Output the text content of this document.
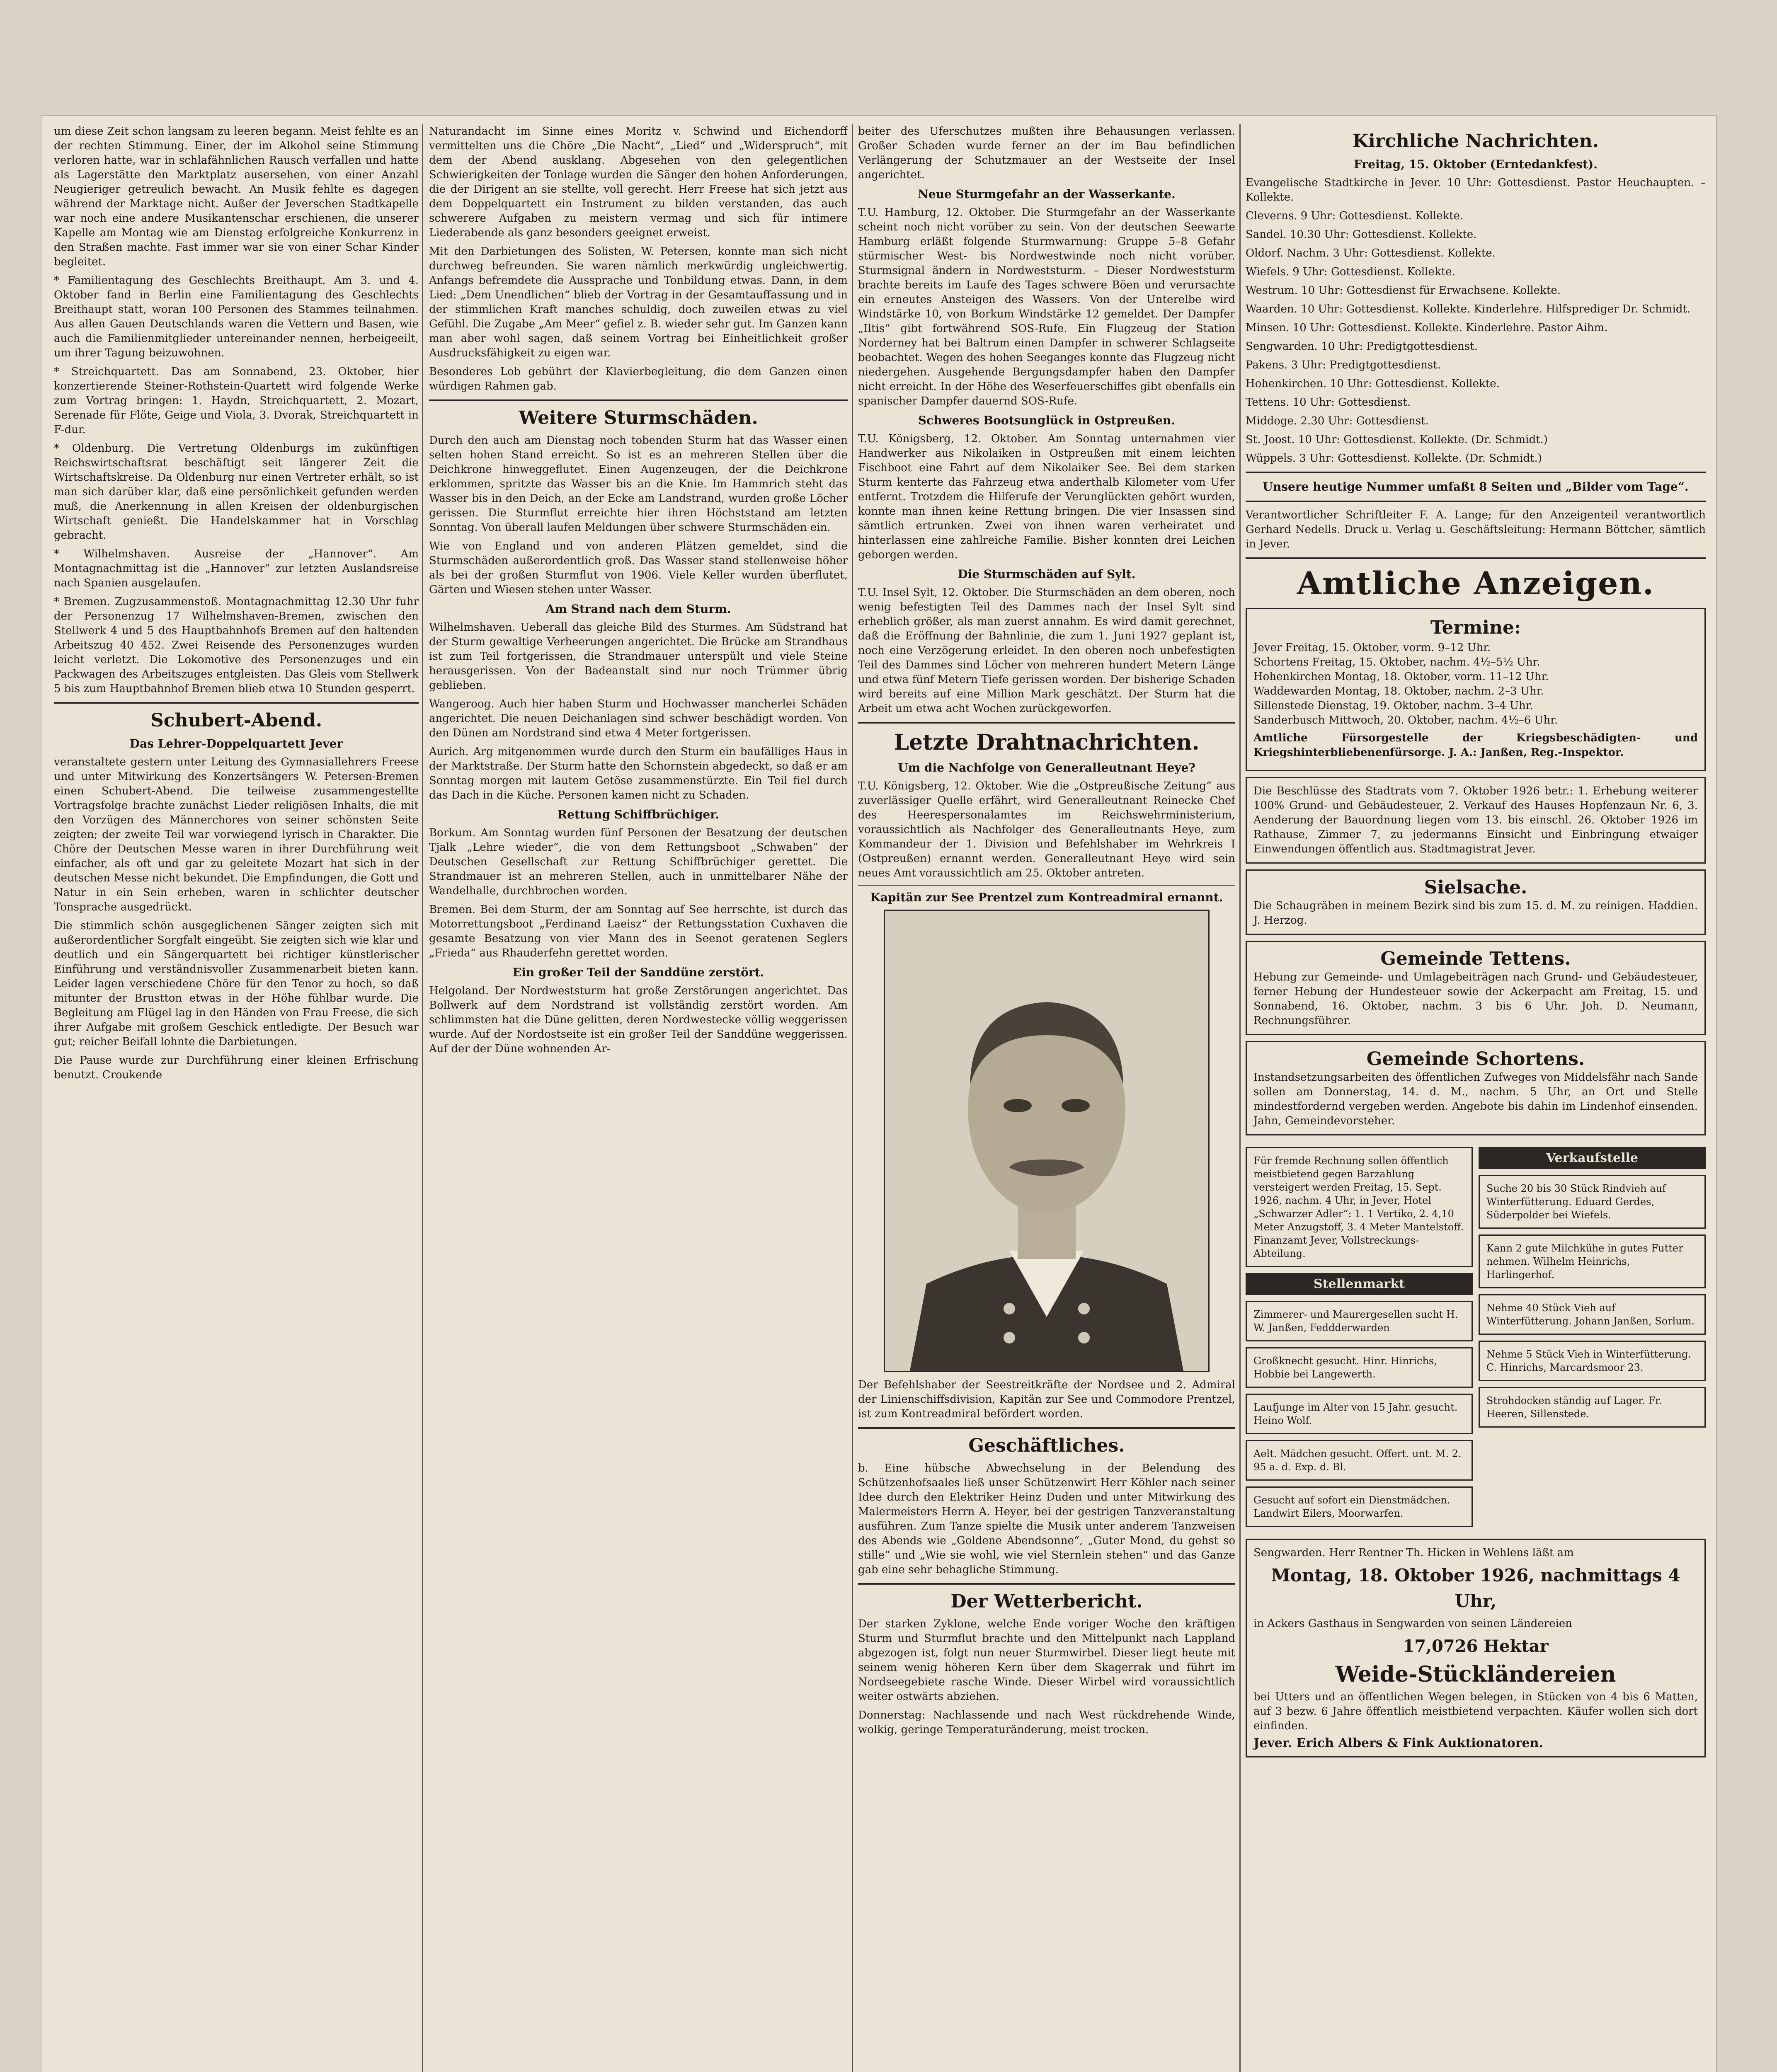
um diese Zeit schon langsam zu leeren begann. Meist fehlte es an der rechten Stimmung. Einer, der im Alkohol seine Stimmung verloren hatte, war in schlafähnlichen Rausch verfallen und hatte als Lagerstätte den Marktplatz ausersehen, von einer Anzahl Neugieriger getreulich bewacht. An Musik fehlte es dagegen während der Marktage nicht. Außer der Jeverschen Stadtkapelle war noch eine andere Musikantenschar erschienen, die unserer Kapelle am Montag wie am Dienstag erfolgreiche Konkurrenz in den Straßen machte. Fast immer war sie von einer Schar Kinder begleitet.

* Familientagung des Geschlechts Breithaupt. Am 3. und 4. Oktober fand in Berlin eine Familientagung des Geschlechts Breithaupt statt, woran 100 Personen des Stammes teilnahmen. Aus allen Gauen Deutschlands waren die Vettern und Basen, wie auch die Familienmitglieder untereinander nennen, herbeigeeilt, um ihrer Tagung beizuwohnen.

* Streichquartett. Das am Sonnabend, 23. Oktober, hier konzertierende Steiner-Rothstein-Quartett wird folgende Werke zum Vortrag bringen: 1. Haydn, Streichquartett, 2. Mozart, Serenade für Flöte, Geige und Viola, 3. Dvorak, Streichquartett in F-dur.

* Oldenburg. Die Vertretung Oldenburgs im zukünftigen Reichswirtschaftsrat beschäftigt seit längerer Zeit die Wirtschaftskreise. Da Oldenburg nur einen Vertreter erhält, so ist man sich darüber klar, daß eine persönlichkeit gefunden werden muß, die Anerkennung in allen Kreisen der oldenburgischen Wirtschaft genießt. Die Handelskammer hat in Vorschlag gebracht.

* Wilhelmshaven. Ausreise der „Hannover“. Am Montagnachmittag ist die „Hannover“ zur letzten Auslandsreise nach Spanien ausgelaufen.

* Bremen. Zugzusammenstoß. Montagnachmittag 12.30 Uhr fuhr der Personenzug 17 Wilhelmshaven-Bremen, zwischen den Stellwerk 4 und 5 des Hauptbahnhofs Bremen auf den haltenden Arbeitszug 40 452. Zwei Reisende des Personenzuges wurden leicht verletzt. Die Lokomotive des Personenzuges und ein Packwagen des Arbeitszuges entgleisten. Das Gleis vom Stellwerk 5 bis zum Hauptbahnhof Bremen blieb etwa 10 Stunden gesperrt.

Schubert-Abend.
Das Lehrer-Doppelquartett Jever

veranstaltete gestern unter Leitung des Gymnasiallehrers Freese und unter Mitwirkung des Konzertsängers W. Petersen-Bremen einen Schubert-Abend. Die teilweise zusammengestellte Vortragsfolge brachte zunächst Lieder religiösen Inhalts, die mit den Vorzügen des Männerchores von seiner schönsten Seite zeigten; der zweite Teil war vorwiegend lyrisch in Charakter. Die Chöre der Deutschen Messe waren in ihrer Durchführung weit einfacher, als oft und gar zu geleitete Mozart hat sich in der deutschen Messe nicht bekundet. Die Empfindungen, die Gott und Natur in ein Sein erheben, waren in schlichter deutscher Tonsprache ausgedrückt.

Die stimmlich schön ausgeglichenen Sänger zeigten sich mit außerordentlicher Sorgfalt eingeübt. Sie zeigten sich wie klar und deutlich und ein Sängerquartett bei richtiger künstlerischer Einführung und verständnisvoller Zusammenarbeit bieten kann. Leider lagen verschiedene Chöre für den Tenor zu hoch, so daß mitunter der Brustton etwas in der Höhe fühlbar wurde. Die Begleitung am Flügel lag in den Händen von Frau Freese, die sich ihrer Aufgabe mit großem Geschick entledigte. Der Besuch war gut; reicher Beifall lohnte die Darbietungen.

Die Pause wurde zur Durchführung einer kleinen Erfrischung benutzt. Croukende

Naturandacht im Sinne eines Moritz v. Schwind und Eichendorff vermittelten uns die Chöre „Die Nacht“, „Lied“ und „Widerspruch“, mit dem der Abend ausklang. Abgesehen von den gelegentlichen Schwierigkeiten der Tonlage wurden die Sänger den hohen Anforderungen, die der Dirigent an sie stellte, voll gerecht. Herr Freese hat sich jetzt aus dem Doppelquartett ein Instrument zu bilden verstanden, das auch schwerere Aufgaben zu meistern vermag und sich für intimere Liederabende als ganz besonders geeignet erweist.

Mit den Darbietungen des Solisten, W. Petersen, konnte man sich nicht durchweg befreunden. Sie waren nämlich merkwürdig ungleichwertig. Anfangs befremdete die Aussprache und Tonbildung etwas. Dann, in dem Lied: „Dem Unendlichen“ blieb der Vortrag in der Gesamtauffassung und in der stimmlichen Kraft manches schuldig, doch zuweilen etwas zu viel Gefühl. Die Zugabe „Am Meer“ gefiel z. B. wieder sehr gut. Im Ganzen kann man aber wohl sagen, daß seinem Vortrag bei Einheitlichkeit großer Ausdrucksfähigkeit zu eigen war.

Besonderes Lob gebührt der Klavierbegleitung, die dem Ganzen einen würdigen Rahmen gab.

Weitere Sturmschäden.

Durch den auch am Dienstag noch tobenden Sturm hat das Wasser einen selten hohen Stand erreicht. So ist es an mehreren Stellen über die Deichkrone hinweggeflutet. Einen Augenzeugen, der die Deichkrone erklommen, spritzte das Wasser bis an die Knie. Im Hammrich steht das Wasser bis in den Deich, an der Ecke am Landstrand, wurden große Löcher gerissen. Die Sturmflut erreichte hier ihren Höchststand am letzten Sonntag. Von überall laufen Meldungen über schwere Sturmschäden ein.

Wie von England und von anderen Plätzen gemeldet, sind die Sturmschäden außerordentlich groß. Das Wasser stand stellenweise höher als bei der großen Sturmflut von 1906. Viele Keller wurden überflutet, Gärten und Wiesen stehen unter Wasser.

Am Strand nach dem Sturm.

Wilhelmshaven. Ueberall das gleiche Bild des Sturmes. Am Südstrand hat der Sturm gewaltige Verheerungen angerichtet. Die Brücke am Strandhaus ist zum Teil fortgerissen, die Strandmauer unterspült und viele Steine herausgerissen. Von der Badeanstalt sind nur noch Trümmer übrig geblieben.

Wangeroog. Auch hier haben Sturm und Hochwasser mancherlei Schäden angerichtet. Die neuen Deichanlagen sind schwer beschädigt worden. Von den Dünen am Nordstrand sind etwa 4 Meter fortgerissen.

Aurich. Arg mitgenommen wurde durch den Sturm ein baufälliges Haus in der Marktstraße. Der Sturm hatte den Schornstein abgedeckt, so daß er am Sonntag morgen mit lautem Getöse zusammenstürzte. Ein Teil fiel durch das Dach in die Küche. Personen kamen nicht zu Schaden.

Rettung Schiffbrüchiger.

Borkum. Am Sonntag wurden fünf Personen der Besatzung der deutschen Tjalk „Lehre wieder“, die von dem Rettungsboot „Schwaben“ der Deutschen Gesellschaft zur Rettung Schiffbrüchiger gerettet. Die Strandmauer ist an mehreren Stellen, auch in unmittelbarer Nähe der Wandelhalle, durchbrochen worden.

Bremen. Bei dem Sturm, der am Sonntag auf See herrschte, ist durch das Motorrettungsboot „Ferdinand Laeisz“ der Rettungsstation Cuxhaven die gesamte Besatzung von vier Mann des in Seenot geratenen Seglers „Frieda“ aus Rhauderfehn gerettet worden.

Ein großer Teil der Sanddüne zerstört.

Helgoland. Der Nordweststurm hat große Zerstörungen angerichtet. Das Bollwerk auf dem Nordstrand ist vollständig zerstört worden. Am schlimmsten hat die Düne gelitten, deren Nordwestecke völlig weggerissen wurde. Auf der Nordostseite ist ein großer Teil der Sanddüne weggerissen. Auf der der Düne wohnenden Ar-

beiter des Uferschutzes mußten ihre Behausungen verlassen. Großer Schaden wurde ferner an der im Bau befindlichen Verlängerung der Schutzmauer an der Westseite der Insel angerichtet.

Neue Sturmgefahr an der Wasserkante.

T.U. Hamburg, 12. Oktober. Die Sturmgefahr an der Wasserkante scheint noch nicht vorüber zu sein. Von der deutschen Seewarte Hamburg erläßt folgende Sturmwarnung: Gruppe 5–8 Gefahr stürmischer West- bis Nordwestwinde noch nicht vorüber. Sturmsignal ändern in Nordweststurm. – Dieser Nordweststurm brachte bereits im Laufe des Tages schwere Böen und verursachte ein erneutes Ansteigen des Wassers. Von der Unterelbe wird Windstärke 10, von Borkum Windstärke 12 gemeldet. Der Dampfer „Iltis“ gibt fortwährend SOS-Rufe. Ein Flugzeug der Station Norderney hat bei Baltrum einen Dampfer in schwerer Schlagseite beobachtet. Wegen des hohen Seeganges konnte das Flugzeug nicht niedergehen. Ausgehende Bergungsdampfer haben den Dampfer nicht erreicht. In der Höhe des Weserfeuerschiffes gibt ebenfalls ein spanischer Dampfer dauernd SOS-Rufe.

Schweres Bootsunglück in Ostpreußen.

T.U. Königsberg, 12. Oktober. Am Sonntag unternahmen vier Handwerker aus Nikolaiken in Ostpreußen mit einem leichten Fischboot eine Fahrt auf dem Nikolaiker See. Bei dem starken Sturm kenterte das Fahrzeug etwa anderthalb Kilometer vom Ufer entfernt. Trotzdem die Hilferufe der Verunglückten gehört wurden, konnte man ihnen keine Rettung bringen. Die vier Insassen sind sämtlich ertrunken. Zwei von ihnen waren verheiratet und hinterlassen eine zahlreiche Familie. Bisher konnten drei Leichen geborgen werden.

Die Sturmschäden auf Sylt.

T.U. Insel Sylt, 12. Oktober. Die Sturmschäden an dem oberen, noch wenig befestigten Teil des Dammes nach der Insel Sylt sind erheblich größer, als man zuerst annahm. Es wird damit gerechnet, daß die Eröffnung der Bahnlinie, die zum 1. Juni 1927 geplant ist, noch eine Verzögerung erleidet. In den oberen noch unbefestigten Teil des Dammes sind Löcher von mehreren hundert Metern Länge und etwa fünf Metern Tiefe gerissen worden. Der bisherige Schaden wird bereits auf eine Million Mark geschätzt. Der Sturm hat die Arbeit um etwa acht Wochen zurückgeworfen.

Letzte Drahtnachrichten.
Um die Nachfolge von Generalleutnant Heye?

T.U. Königsberg, 12. Oktober. Wie die „Ostpreußische Zeitung“ aus zuverlässiger Quelle erfährt, wird Generalleutnant Reinecke Chef des Heerespersonalamtes im Reichswehrministerium, voraussichtlich als Nachfolger des Generalleutnants Heye, zum Kommandeur der 1. Division und Befehlshaber im Wehrkreis I (Ostpreußen) ernannt werden. Generalleutnant Heye wird sein neues Amt voraussichtlich am 25. Oktober antreten.

Kapitän zur See Prentzel zum Kontreadmiral ernannt.

Der Befehlshaber der Seestreitkräfte der Nordsee und 2. Admiral der Linienschiffsdivision, Kapitän zur See und Commodore Prentzel, ist zum Kontreadmiral befördert worden.

Geschäftliches.

b. Eine hübsche Abwechselung in der Belendung des Schützenhofsaales ließ unser Schützenwirt Herr Köhler nach seiner Idee durch den Elektriker Heinz Duden und unter Mitwirkung des Malermeisters Herrn A. Heyer, bei der gestrigen Tanzveranstaltung ausführen. Zum Tanze spielte die Musik unter anderem Tanzweisen des Abends wie „Goldene Abendsonne“, „Guter Mond, du gehst so stille“ und „Wie sie wohl, wie viel Sternlein stehen“ und das Ganze gab eine sehr behagliche Stimmung.

Der Wetterbericht.

Der starken Zyklone, welche Ende voriger Woche den kräftigen Sturm und Sturmflut brachte und den Mittelpunkt nach Lappland abgezogen ist, folgt nun neuer Sturmwirbel. Dieser liegt heute mit seinem wenig höheren Kern über dem Skagerrak und führt im Nordseegebiete rasche Winde. Dieser Wirbel wird voraussichtlich weiter ostwärts abziehen.

Donnerstag: Nachlassende und nach West rückdrehende Winde, wolkig, geringe Temperaturänderung, meist trocken.

Kirchliche Nachrichten.
Freitag, 15. Oktober (Erntedankfest).

Evangelische Stadtkirche in Jever. 10 Uhr: Gottesdienst. Pastor Heuchaupten. – Kollekte.

Cleverns. 9 Uhr: Gottesdienst. Kollekte.

Sandel. 10.30 Uhr: Gottesdienst. Kollekte.

Oldorf. Nachm. 3 Uhr: Gottesdienst. Kollekte.

Wiefels. 9 Uhr: Gottesdienst. Kollekte.

Westrum. 10 Uhr: Gottesdienst für Erwachsene. Kollekte.

Waarden. 10 Uhr: Gottesdienst. Kollekte. Kinderlehre. Hilfsprediger Dr. Schmidt.

Minsen. 10 Uhr: Gottesdienst. Kollekte. Kinderlehre. Pastor Aihm.

Sengwarden. 10 Uhr: Predigtgottesdienst.

Pakens. 3 Uhr: Predigtgottesdienst.

Hohenkirchen. 10 Uhr: Gottesdienst. Kollekte.

Tettens. 10 Uhr: Gottesdienst.

Middoge. 2.30 Uhr: Gottesdienst.

St. Joost. 10 Uhr: Gottesdienst. Kollekte. (Dr. Schmidt.)

Wüppels. 3 Uhr: Gottesdienst. Kollekte. (Dr. Schmidt.)

Unsere heutige Nummer umfaßt 8 Seiten und „Bilder vom Tage“.

Verantwortlicher Schriftleiter F. A. Lange; für den Anzeigenteil verantwortlich Gerhard Nedells. Druck u. Verlag u. Geschäftsleitung: Hermann Böttcher, sämtlich in Jever.

Amtliche Anzeigen.
Termine:

Jever Freitag, 15. Oktober, vorm. 9–12 Uhr.

Schortens Freitag, 15. Oktober, nachm. 4½–5½ Uhr.

Hohenkirchen Montag, 18. Oktober, vorm. 11–12 Uhr.

Waddewarden Montag, 18. Oktober, nachm. 2–3 Uhr.

Sillenstede Dienstag, 19. Oktober, nachm. 3–4 Uhr.

Sanderbusch Mittwoch, 20. Oktober, nachm. 4½–6 Uhr.

Amtliche Fürsorgestelle der Kriegsbeschädigten- und Kriegshinterbliebenenfürsorge. J. A.: Janßen, Reg.-Inspektor.

Die Beschlüsse des Stadtrats vom 7. Oktober 1926 betr.: 1. Erhebung weiterer 100% Grund- und Gebäudesteuer, 2. Verkauf des Hauses Hopfenzaun Nr. 6, 3. Aenderung der Bauordnung liegen vom 13. bis einschl. 26. Oktober 1926 im Rathause, Zimmer 7, zu jedermanns Einsicht und Einbringung etwaiger Einwendungen öffentlich aus. Stadtmagistrat Jever.

Sielsache.

Die Schaugräben in meinem Bezirk sind bis zum 15. d. M. zu reinigen. Haddien. J. Herzog.

Gemeinde Tettens.

Hebung zur Gemeinde- und Umlagebeiträgen nach Grund- und Gebäudesteuer, ferner Hebung der Hundesteuer sowie der Ackerpacht am Freitag, 15. und Sonnabend, 16. Oktober, nachm. 3 bis 6 Uhr. Joh. D. Neumann, Rechnungsführer.

Gemeinde Schortens.

Instandsetzungsarbeiten des öffentlichen Zufweges von Middelsfähr nach Sande sollen am Donnerstag, 14. d. M., nachm. 5 Uhr, an Ort und Stelle mindestfordernd vergeben werden. Angebote bis dahin im Lindenhof einsenden. Jahn, Gemeindevorsteher.

Für fremde Rechnung sollen öffentlich meistbietend gegen Barzahlung versteigert werden Freitag, 15. Sept. 1926, nachm. 4 Uhr, in Jever, Hotel „Schwarzer Adler“: 1. 1 Vertiko, 2. 4,10 Meter Anzugstoff, 3. 4 Meter Mantelstoff. Finanzamt Jever, Vollstreckungs-Abteilung.
Stellenmarkt
Zimmerer- und Maurergesellen sucht H. W. Janßen, Feddderwarden
Großknecht gesucht. Hinr. Hinrichs, Hobbie bei Langewerth.
Laufjunge im Alter von 15 Jahr. gesucht. Heino Wolf.
Aelt. Mädchen gesucht. Offert. unt. M. 2. 95 a. d. Exp. d. Bl.
Gesucht auf sofort ein Dienstmädchen. Landwirt Eilers, Moorwarfen.
Verkaufstelle
Suche 20 bis 30 Stück Rindvieh auf Winterfütterung. Eduard Gerdes, Süderpolder bei Wiefels.
Kann 2 gute Milchkühe in gutes Futter nehmen. Wilhelm Heinrichs, Harlingerhof.
Nehme 40 Stück Vieh auf Winterfütterung. Johann Janßen, Sorlum.
Nehme 5 Stück Vieh in Winterfütterung. C. Hinrichs, Marcardsmoor 23.
Strohdocken ständig auf Lager. Fr. Heeren, Sillenstede.

Sengwarden. Herr Rentner Th. Hicken in Wehlens läßt am

Montag, 18. Oktober 1926, nachmittags 4 Uhr,

in Ackers Gasthaus in Sengwarden von seinen Ländereien

17,0726 Hektar
Weide-Stückländereien

bei Utters und an öffentlichen Wegen belegen, in Stücken von 4 bis 6 Matten, auf 3 bezw. 6 Jahre öffentlich meistbietend verpachten. Käufer wollen sich dort einfinden.

Jever. Erich Albers & Fink Auktionatoren.
